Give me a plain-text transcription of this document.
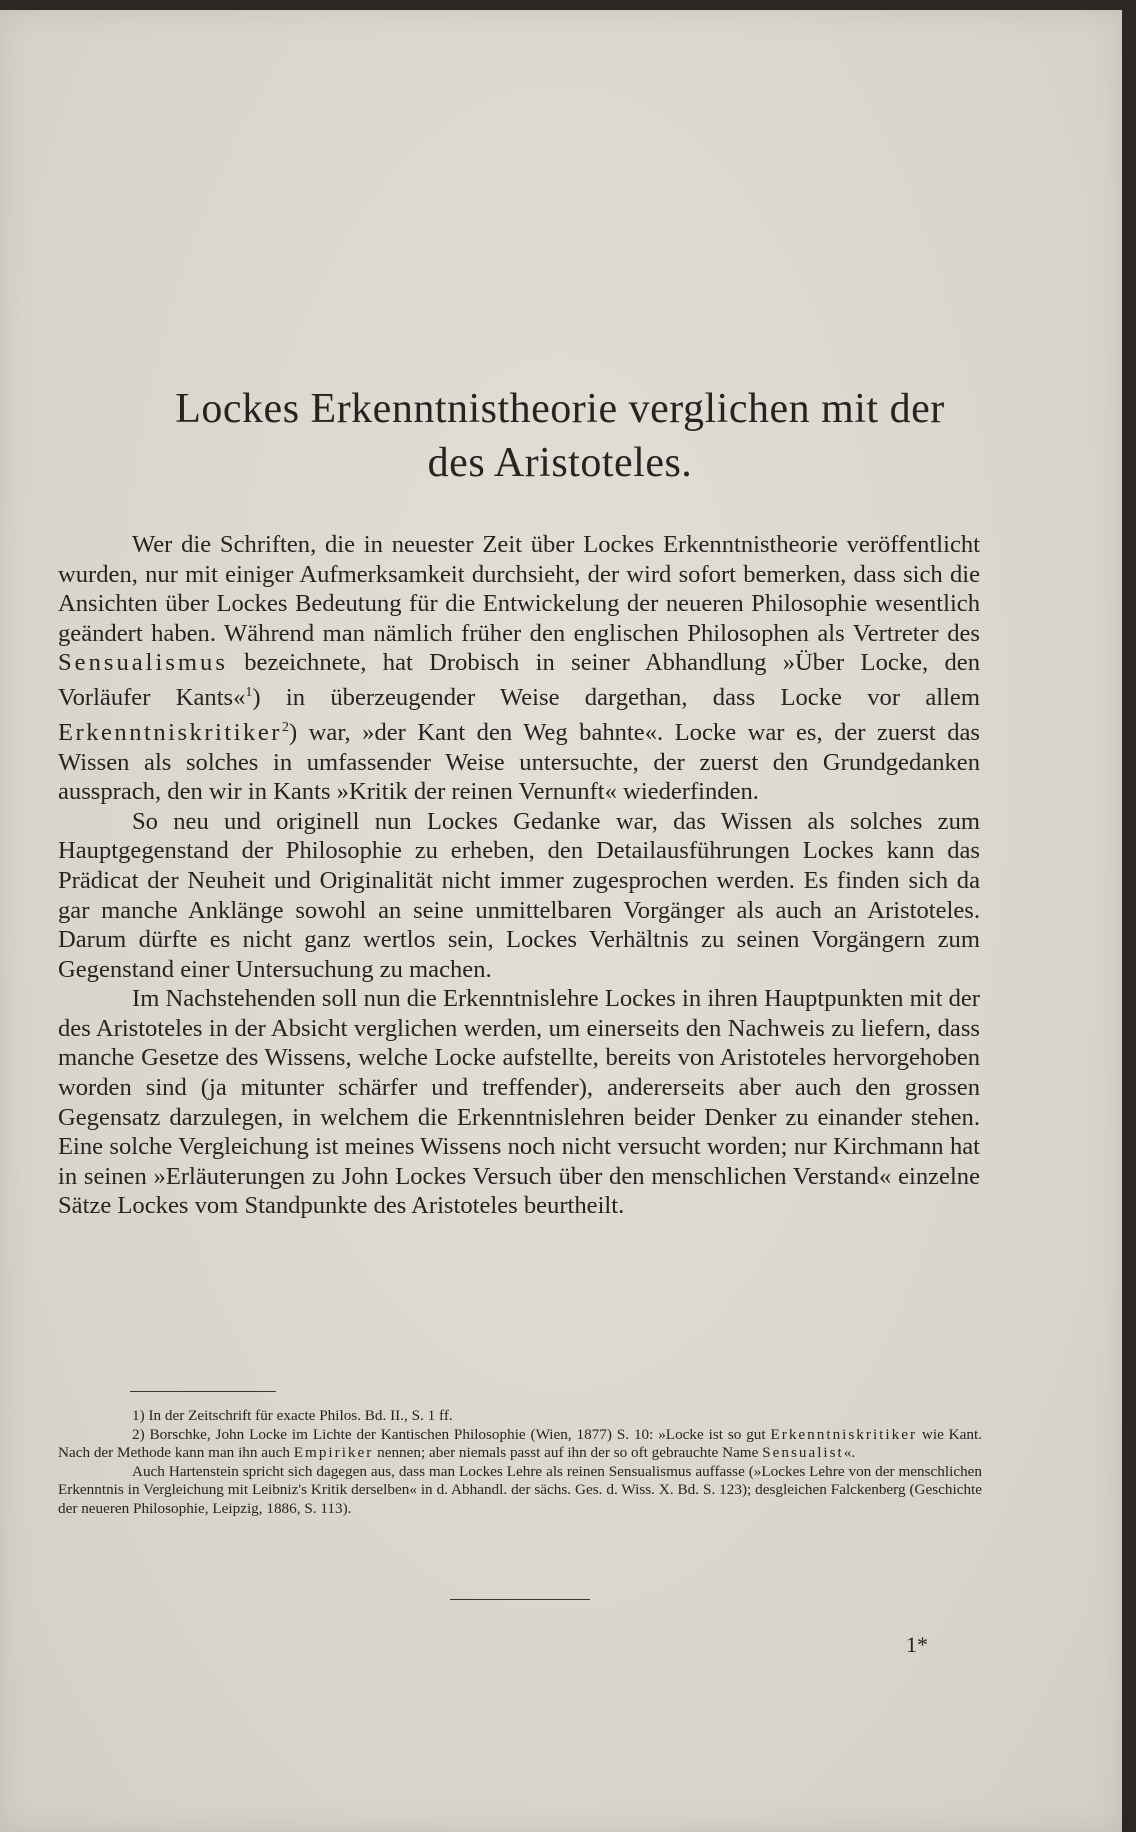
Lockes Erkenntnistheorie verglichen mit der
des Aristoteles.

Wer die Schriften, die in neuester Zeit über Lockes Erkenntnistheorie veröffentlicht wurden, nur mit einiger Aufmerksamkeit durchsieht, der wird sofort bemerken, dass sich die Ansichten über Lockes Bedeutung für die Entwickelung der neueren Philosophie wesentlich geändert haben. Während man nämlich früher den englischen Philosophen als Vertreter des Sensualismus bezeichnete, hat Drobisch in seiner Abhandlung »Über Locke, den Vorläufer Kants«$^1$) in überzeugender Weise dargethan, dass Locke vor allem Erkenntniskritiker$^2$) war, »der Kant den Weg bahnte«. Locke war es, der zuerst das Wissen als solches in umfassender Weise untersuchte, der zuerst den Grundgedanken aussprach, den wir in Kants »Kritik der reinen Vernunft« wiederfinden.

So neu und originell nun Lockes Gedanke war, das Wissen als solches zum Hauptgegenstand der Philosophie zu erheben, den Detailausführungen Lockes kann das Prädicat der Neuheit und Originalität nicht immer zugesprochen werden. Es finden sich da gar manche Anklänge sowohl an seine unmittelbaren Vorgänger als auch an Aristoteles. Darum dürfte es nicht ganz wertlos sein, Lockes Verhältnis zu seinen Vorgängern zum Gegenstand einer Untersuchung zu machen.

Im Nachstehenden soll nun die Erkenntnislehre Lockes in ihren Hauptpunkten mit der des Aristoteles in der Absicht verglichen werden, um einerseits den Nachweis zu liefern, dass manche Gesetze des Wissens, welche Locke aufstellte, bereits von Aristoteles hervorgehoben worden sind (ja mitunter schärfer und treffender), andererseits aber auch den grossen Gegensatz darzulegen, in welchem die Erkenntnislehren beider Denker zu einander stehen. Eine solche Vergleichung ist meines Wissens noch nicht versucht worden; nur Kirchmann hat in seinen »Erläuterungen zu John Lockes Versuch über den menschlichen Verstand« einzelne Sätze Lockes vom Standpunkte des Aristoteles beurtheilt.

1) In der Zeitschrift für exacte Philos. Bd. II., S. 1 ff.

2) Borschke, John Locke im Lichte der Kantischen Philosophie (Wien, 1877) S. 10: »Locke ist so gut Erkenntniskritiker wie Kant. Nach der Methode kann man ihn auch Empiriker nennen; aber niemals passt auf ihn der so oft gebrauchte Name Sensualist«.

Auch Hartenstein spricht sich dagegen aus, dass man Lockes Lehre als reinen Sensualismus auffasse (»Lockes Lehre von der menschlichen Erkenntnis in Vergleichung mit Leibniz's Kritik derselben« in d. Abhandl. der sächs. Ges. d. Wiss. X. Bd. S. 123); desgleichen Falckenberg (Geschichte der neueren Philosophie, Leipzig, 1886, S. 113).

1*
